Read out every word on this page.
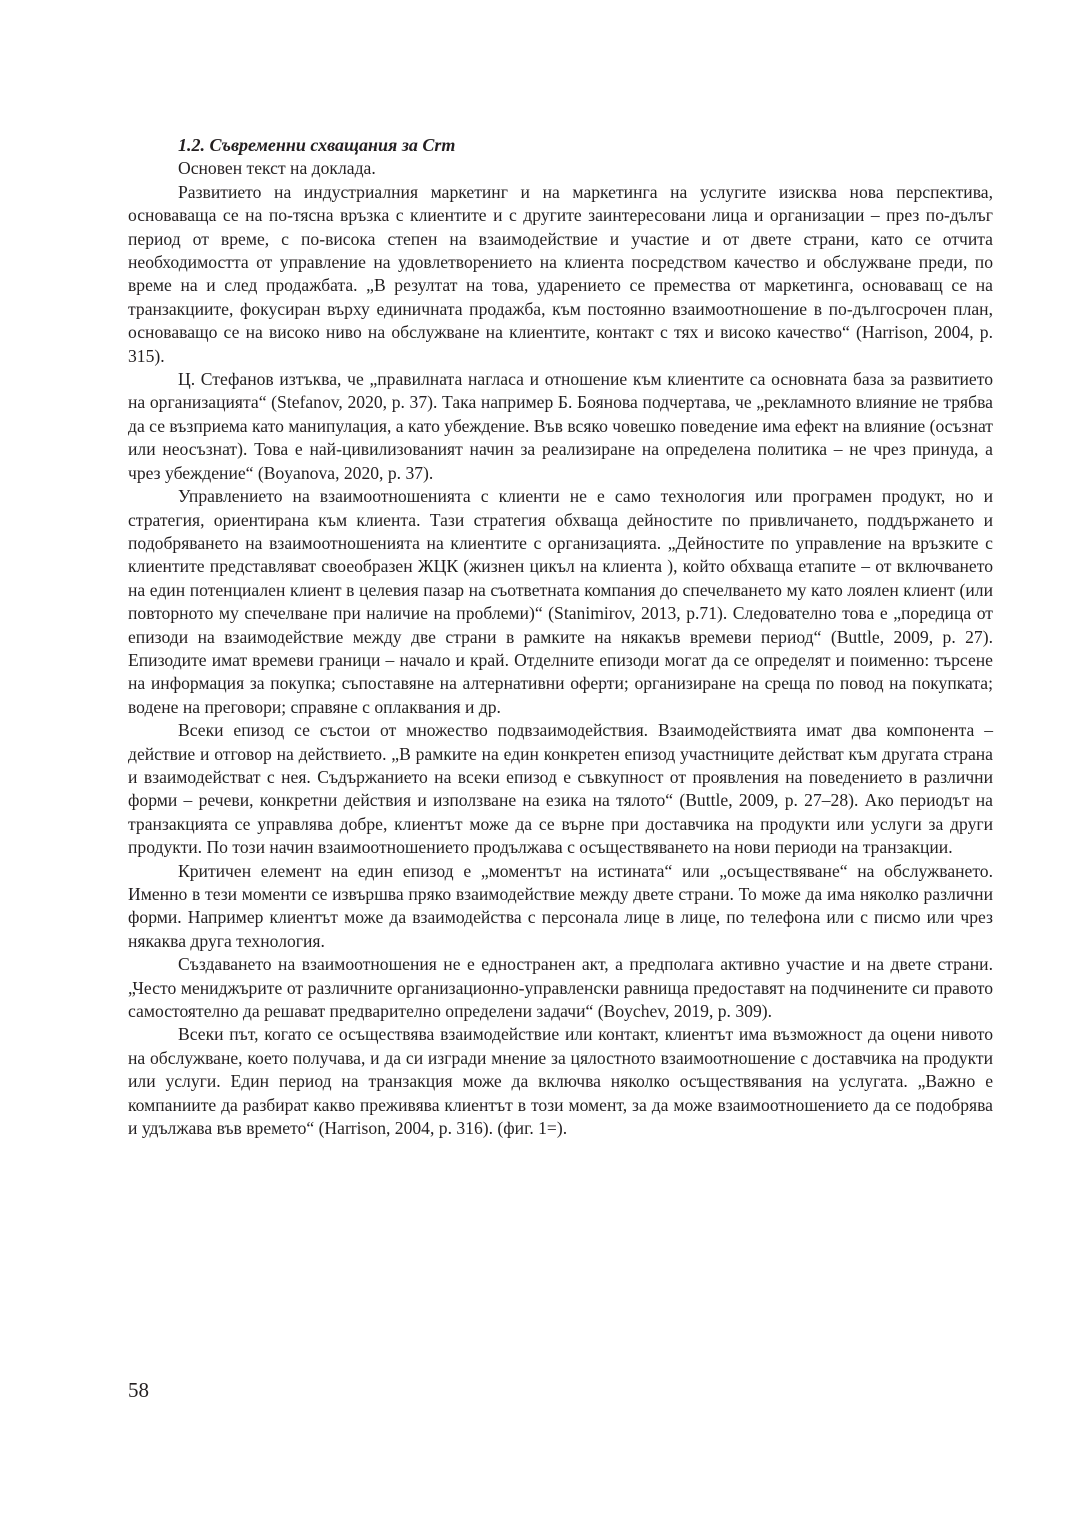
1.2. Съвременни схващания за Crm

Основен текст на доклада.

Развитието на индустриалния маркетинг и на маркетинга на услугите изисква нова перспектива, основаваща се на по-тясна връзка с клиентите и с другите заинтересовани лица и организации – през по-дълъг период от време, с по-висока степен на взаимодействие и участие и от двете страни, като се отчита необходимостта от управление на удовлетворението на клиента посредством качество и обслужване преди, по време на и след продажбата. „В резултат на това, ударението се премества от маркетинга, основаващ се на транзакциите, фокусиран върху единичната продажба, към постоянно взаимоотношение в по-дългосрочен план, основаващо се на високо ниво на обслужване на клиентите, контакт с тях и високо качество“ (Harrison, 2004, p. 315).

Ц. Стефанов изтъква, че „правилната нагласа и отношение към клиентите са основната база за развитието на организацията“ (Stefanov, 2020, p. 37). Така например Б. Боянова подчертава, че „рекламното влияние не трябва да се възприема като манипулация, а като убеждение. Във всяко човешко поведение има ефект на влияние (осъзнат или неосъзнат). Това е най-цивилизованият начин за реализиране на определена политика – не чрез принуда, а чрез убеждение“ (Boyanova, 2020, p. 37).

Управлението на взаимоотношенията с клиенти не е само технология или програмен продукт, но и стратегия, ориентирана към клиента. Тази стратегия обхваща дейностите по привличането, поддържането и подобряването на взаимоотношенията на клиентите с организацията. „Дейностите по управление на връзките с клиентите представляват своеобразен ЖЦК (жизнен цикъл на клиента ), който обхваща етапите – от включването на един потенциален клиент в целевия пазар на съответната компания до спечелването му като лоялен клиент (или повторното му спечелване при наличие на проблеми)“ (Stanimirov, 2013, p.71). Следователно това е „поредица от епизоди на взаимодействие между две страни в рамките на някакъв времеви период“ (Buttle, 2009, p. 27). Епизодите имат времеви граници – начало и край. Отделните епизоди могат да се определят и поименно: търсене на информация за покупка; съпоставяне на алтернативни оферти; организиране на среща по повод на покупката; водене на преговори; справяне с оплаквания и др.

Всеки епизод се състои от множество подвзаимодействия. Взаимодействията имат два компонента – действие и отговор на действието. „В рамките на един конкретен епизод участниците действат към другата страна и взаимодействат с нея. Съдържанието на всеки епизод е съвкупност от проявления на поведението в различни форми – речеви, конкретни действия и използване на езика на тялото“ (Buttle, 2009, p. 27–28). Ако периодът на транзакцията се управлява добре, клиентът може да се върне при доставчика на продукти или услуги за други продукти. По този начин взаимоотношението продължава с осъществяването на нови периоди на транзакции.

Критичен елемент на един епизод е „моментът на истината“ или „осъществяване“ на обслужването. Именно в тези моменти се извършва пряко взаимодействие между двете страни. То може да има няколко различни форми. Например клиентът може да взаимодейства с персонала лице в лице, по телефона или с писмо или чрез някаква друга технология.

Създаването на взаимоотношения не е едностранен акт, а предполага активно участие и на двете страни. „Често мениджърите от различните организационно-управленски равнища предоставят на подчинените си правото самостоятелно да решават предварително определени задачи“ (Boychev, 2019, p. 309).

Всеки път, когато се осъществява взаимодействие или контакт, клиентът има възможност да оцени нивото на обслужване, което получава, и да си изгради мнение за цялостното взаимоотношение с доставчика на продукти или услуги. Един период на транзакция може да включва няколко осъществявания на услугата. „Важно е компаниите да разбират какво преживява клиентът в този момент, за да може взаимоотношението да се подобрява и удължава във времето“ (Harrison, 2004, p. 316). (фиг. 1=).

58
